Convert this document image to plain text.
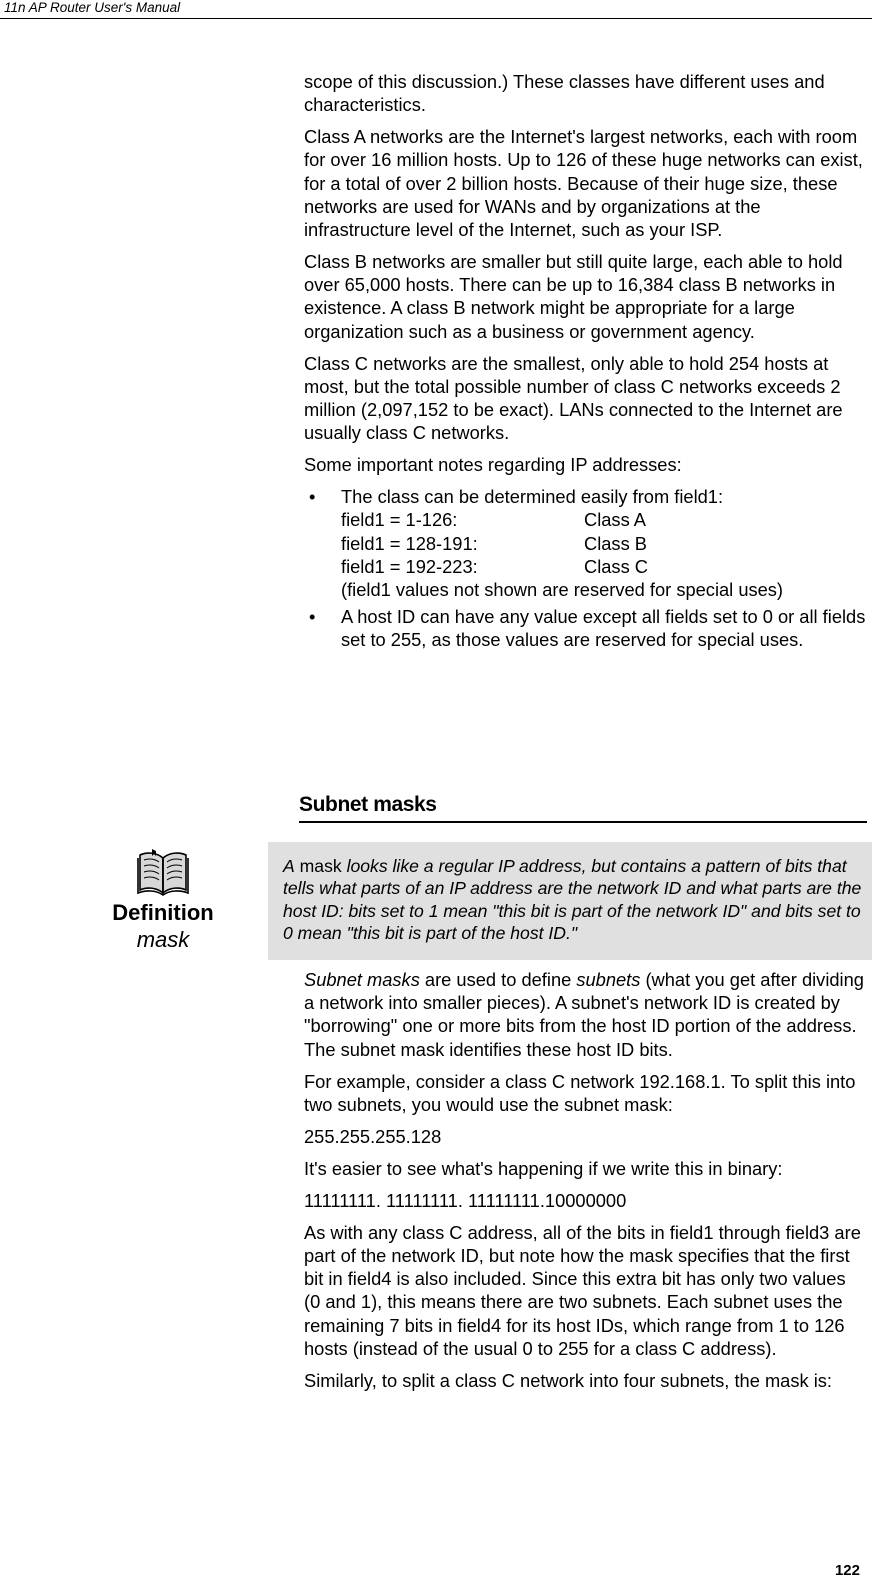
11n AP Router User's Manual

scope of this discussion.) These classes have different uses and characteristics.

Class A networks are the Internet's largest networks, each with room for over 16 million hosts. Up to 126 of these huge networks can exist, for a total of over 2 billion hosts. Because of their huge size, these networks are used for WANs and by organizations at the infrastructure level of the Internet, such as your ISP.

Class B networks are smaller but still quite large, each able to hold over 65,000 hosts. There can be up to 16,384 class B networks in existence. A class B network might be appropriate for a large organization such as a business or government agency.

Class C networks are the smallest, only able to hold 254 hosts at most, but the total possible number of class C networks exceeds 2 million (2,097,152 to be exact). LANs connected to the Internet are usually class C networks.

Some important notes regarding IP addresses:

• The class can be determined easily from field1:
field1 = 1-126:	Class A
field1 = 128-191:	Class B
field1 = 192-223:	Class C
(field1 values not shown are reserved for special uses)
• A host ID can have any value except all fields set to 0 or all fields set to 255, as those values are reserved for special uses.
Subnet masks
A mask looks like a regular IP address, but contains a pattern of bits that tells what parts of an IP address are the network ID and what parts are the host ID: bits set to 1 mean "this bit is part of the network ID" and bits set to 0 mean "this bit is part of the host ID."
Definition
mask

Subnet masks are used to define subnets (what you get after dividing a network into smaller pieces). A subnet's network ID is created by "borrowing" one or more bits from the host ID portion of the address. The subnet mask identifies these host ID bits.

For example, consider a class C network 192.168.1. To split this into two subnets, you would use the subnet mask:

255.255.255.128

It's easier to see what's happening if we write this in binary:

11111111. 11111111. 11111111.10000000

As with any class C address, all of the bits in field1 through field3 are part of the network ID, but note how the mask specifies that the first bit in field4 is also included. Since this extra bit has only two values (0 and 1), this means there are two subnets. Each subnet uses the remaining 7 bits in field4 for its host IDs, which range from 1 to 126 hosts (instead of the usual 0 to 255 for a class C address).

Similarly, to split a class C network into four subnets, the mask is:

122
